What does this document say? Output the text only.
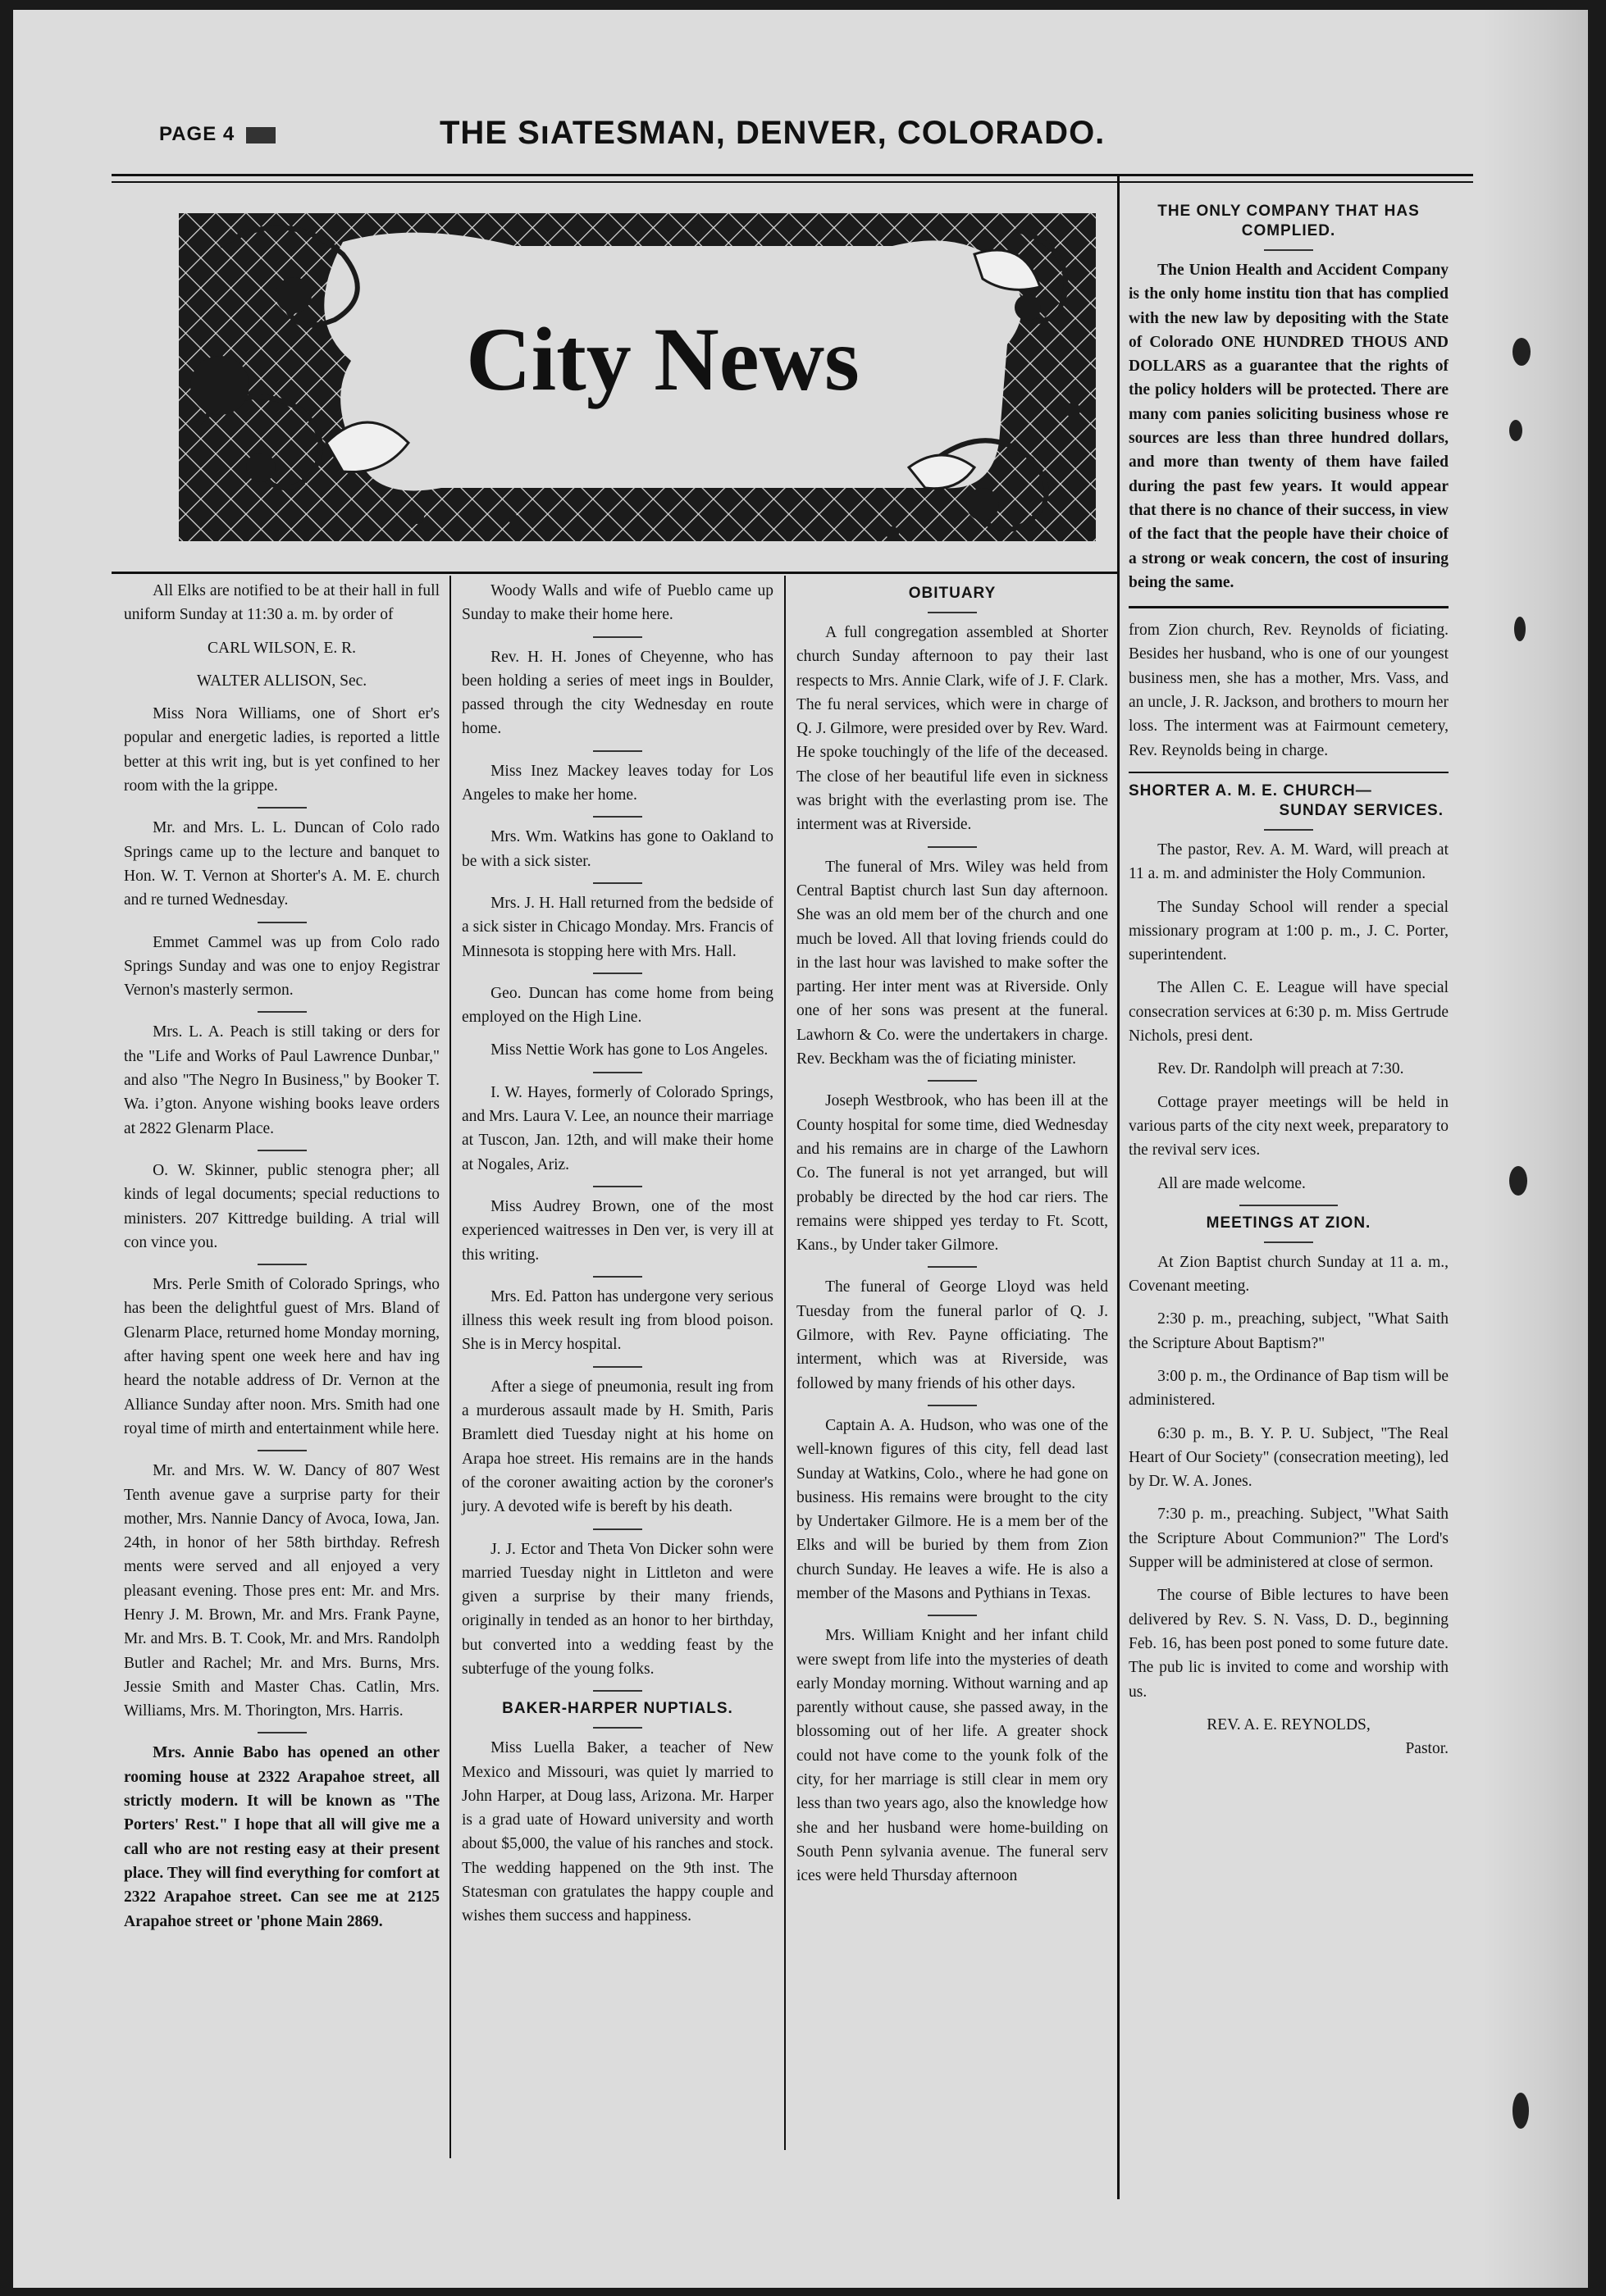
PAGE 4	THE SıATESMAN, DENVER, COLORADO.
City News

All Elks are notified to be at their hall in full uniform Sunday at 11:30 a. m. by order of

CARL WILSON, E. R.

WALTER ALLISON, Sec.

Miss Nora Williams, one of Short er's popular and energetic ladies, is reported a little better at this writ ing, but is yet confined to her room with the la grippe.

Mr. and Mrs. L. L. Duncan of Colo rado Springs came up to the lecture and banquet to Hon. W. T. Vernon at Shorter's A. M. E. church and re turned Wednesday.

Emmet Cammel was up from Colo rado Springs Sunday and was one to enjoy Registrar Vernon's masterly sermon.

Mrs. L. A. Peach is still taking or ders for the "Life and Works of Paul Lawrence Dunbar," and also "The Negro In Business," by Booker T. Wa. i’gton. Anyone wishing books leave orders at 2822 Glenarm Place.

O. W. Skinner, public stenogra pher; all kinds of legal documents; special reductions to ministers. 207 Kittredge building. A trial will con vince you.

Mrs. Perle Smith of Colorado Springs, who has been the delightful guest of Mrs. Bland of Glenarm Place, returned home Monday morning, after having spent one week here and hav ing heard the notable address of Dr. Vernon at the Alliance Sunday after noon. Mrs. Smith had one royal time of mirth and entertainment while here.

Mr. and Mrs. W. W. Dancy of 807 West Tenth avenue gave a surprise party for their mother, Mrs. Nannie Dancy of Avoca, Iowa, Jan. 24th, in honor of her 58th birthday. Refresh ments were served and all enjoyed a very pleasant evening. Those pres ent: Mr. and Mrs. Henry J. M. Brown, Mr. and Mrs. Frank Payne, Mr. and Mrs. B. T. Cook, Mr. and Mrs. Randolph Butler and Rachel; Mr. and Mrs. Burns, Mrs. Jessie Smith and Master Chas. Catlin, Mrs. Williams, Mrs. M. Thorington, Mrs. Harris.

Mrs. Annie Babo has opened an other rooming house at 2322 Arapahoe street, all strictly modern. It will be known as "The Porters' Rest." I hope that all will give me a call who are not resting easy at their present place. They will find everything for comfort at 2322 Arapahoe street. Can see me at 2125 Arapahoe street or 'phone Main 2869.

Woody Walls and wife of Pueblo came up Sunday to make their home here.

Rev. H. H. Jones of Cheyenne, who has been holding a series of meet ings in Boulder, passed through the city Wednesday en route home.

Miss Inez Mackey leaves today for Los Angeles to make her home.

Mrs. Wm. Watkins has gone to Oakland to be with a sick sister.

Mrs. J. H. Hall returned from the bedside of a sick sister in Chicago Monday. Mrs. Francis of Minnesota is stopping here with Mrs. Hall.

Geo. Duncan has come home from being employed on the High Line.

Miss Nettie Work has gone to Los Angeles.

I. W. Hayes, formerly of Colorado Springs, and Mrs. Laura V. Lee, an nounce their marriage at Tuscon, Jan. 12th, and will make their home at Nogales, Ariz.

Miss Audrey Brown, one of the most experienced waitresses in Den ver, is very ill at this writing.

Mrs. Ed. Patton has undergone very serious illness this week result ing from blood poison. She is in Mercy hospital.

After a siege of pneumonia, result ing from a murderous assault made by H. Smith, Paris Bramlett died Tuesday night at his home on Arapa hoe street. His remains are in the hands of the coroner awaiting action by the coroner's jury. A devoted wife is bereft by his death.

J. J. Ector and Theta Von Dicker sohn were married Tuesday night in Littleton and were given a surprise by their many friends, originally in tended as an honor to her birthday, but converted into a wedding feast by the subterfuge of the young folks.

BAKER-HARPER NUPTIALS.

Miss Luella Baker, a teacher of New Mexico and Missouri, was quiet ly married to John Harper, at Doug lass, Arizona. Mr. Harper is a grad uate of Howard university and worth about $5,000, the value of his ranches and stock. The wedding happened on the 9th inst. The Statesman con gratulates the happy couple and wishes them success and happiness.

OBITUARY

A full congregation assembled at Shorter church Sunday afternoon to pay their last respects to Mrs. Annie Clark, wife of J. F. Clark. The fu neral services, which were in charge of Q. J. Gilmore, were presided over by Rev. Ward. He spoke touchingly of the life of the deceased. The close of her beautiful life even in sickness was bright with the everlasting prom ise. The interment was at Riverside.

The funeral of Mrs. Wiley was held from Central Baptist church last Sun day afternoon. She was an old mem ber of the church and one much be loved. All that loving friends could do in the last hour was lavished to make softer the parting. Her inter ment was at Riverside. Only one of her sons was present at the funeral. Lawhorn & Co. were the undertakers in charge. Rev. Beckham was the of ficiating minister.

Joseph Westbrook, who has been ill at the County hospital for some time, died Wednesday and his remains are in charge of the Lawhorn Co. The funeral is not yet arranged, but will probably be directed by the hod car riers. The remains were shipped yes terday to Ft. Scott, Kans., by Under taker Gilmore.

The funeral of George Lloyd was held Tuesday from the funeral parlor of Q. J. Gilmore, with Rev. Payne officiating. The interment, which was at Riverside, was followed by many friends of his other days.

Captain A. A. Hudson, who was one of the well-known figures of this city, fell dead last Sunday at Watkins, Colo., where he had gone on business. His remains were brought to the city by Undertaker Gilmore. He is a mem ber of the Elks and will be buried by them from Zion church Sunday. He leaves a wife. He is also a member of the Masons and Pythians in Texas.

Mrs. William Knight and her infant child were swept from life into the mysteries of death early Monday morning. Without warning and ap parently without cause, she passed away, in the blossoming out of her life. A greater shock could not have come to the younk folk of the city, for her marriage is still clear in mem ory less than two years ago, also the knowledge how she and her husband were home-building on South Penn sylvania avenue. The funeral serv ices were held Thursday afternoon

THE ONLY COMPANY THAT HAS COMPLIED.

The Union Health and Accident Company is the only home institu tion that has complied with the new law by depositing with the State of Colorado ONE HUNDRED THOUS AND DOLLARS as a guarantee that the rights of the policy holders will be protected. There are many com panies soliciting business whose re sources are less than three hundred dollars, and more than twenty of them have failed during the past few years. It would appear that there is no chance of their success, in view of the fact that the people have their choice of a strong or weak concern, the cost of insuring being the same.

from Zion church, Rev. Reynolds of ficiating. Besides her husband, who is one of our youngest business men, she has a mother, Mrs. Vass, and an uncle, J. R. Jackson, and brothers to mourn her loss. The interment was at Fairmount cemetery, Rev. Reynolds being in charge.

SHORTER A. M. E. CHURCH—
SUNDAY SERVICES.

The pastor, Rev. A. M. Ward, will preach at 11 a. m. and administer the Holy Communion.

The Sunday School will render a special missionary program at 1:00 p. m., J. C. Porter, superintendent.

The Allen C. E. League will have special consecration services at 6:30 p. m. Miss Gertrude Nichols, presi dent.

Rev. Dr. Randolph will preach at 7:30.

Cottage prayer meetings will be held in various parts of the city next week, preparatory to the revival serv ices.

All are made welcome.

MEETINGS AT ZION.

At Zion Baptist church Sunday at 11 a. m., Covenant meeting.

2:30 p. m., preaching, subject, "What Saith the Scripture About Baptism?"

3:00 p. m., the Ordinance of Bap tism will be administered.

6:30 p. m., B. Y. P. U. Subject, "The Real Heart of Our Society" (consecration meeting), led by Dr. W. A. Jones.

7:30 p. m., preaching. Subject, "What Saith the Scripture About Communion?" The Lord's Supper will be administered at close of sermon.

The course of Bible lectures to have been delivered by Rev. S. N. Vass, D. D., beginning Feb. 16, has been post poned to some future date. The pub lic is invited to come and worship with us.

REV. A. E. REYNOLDS,

Pastor.
